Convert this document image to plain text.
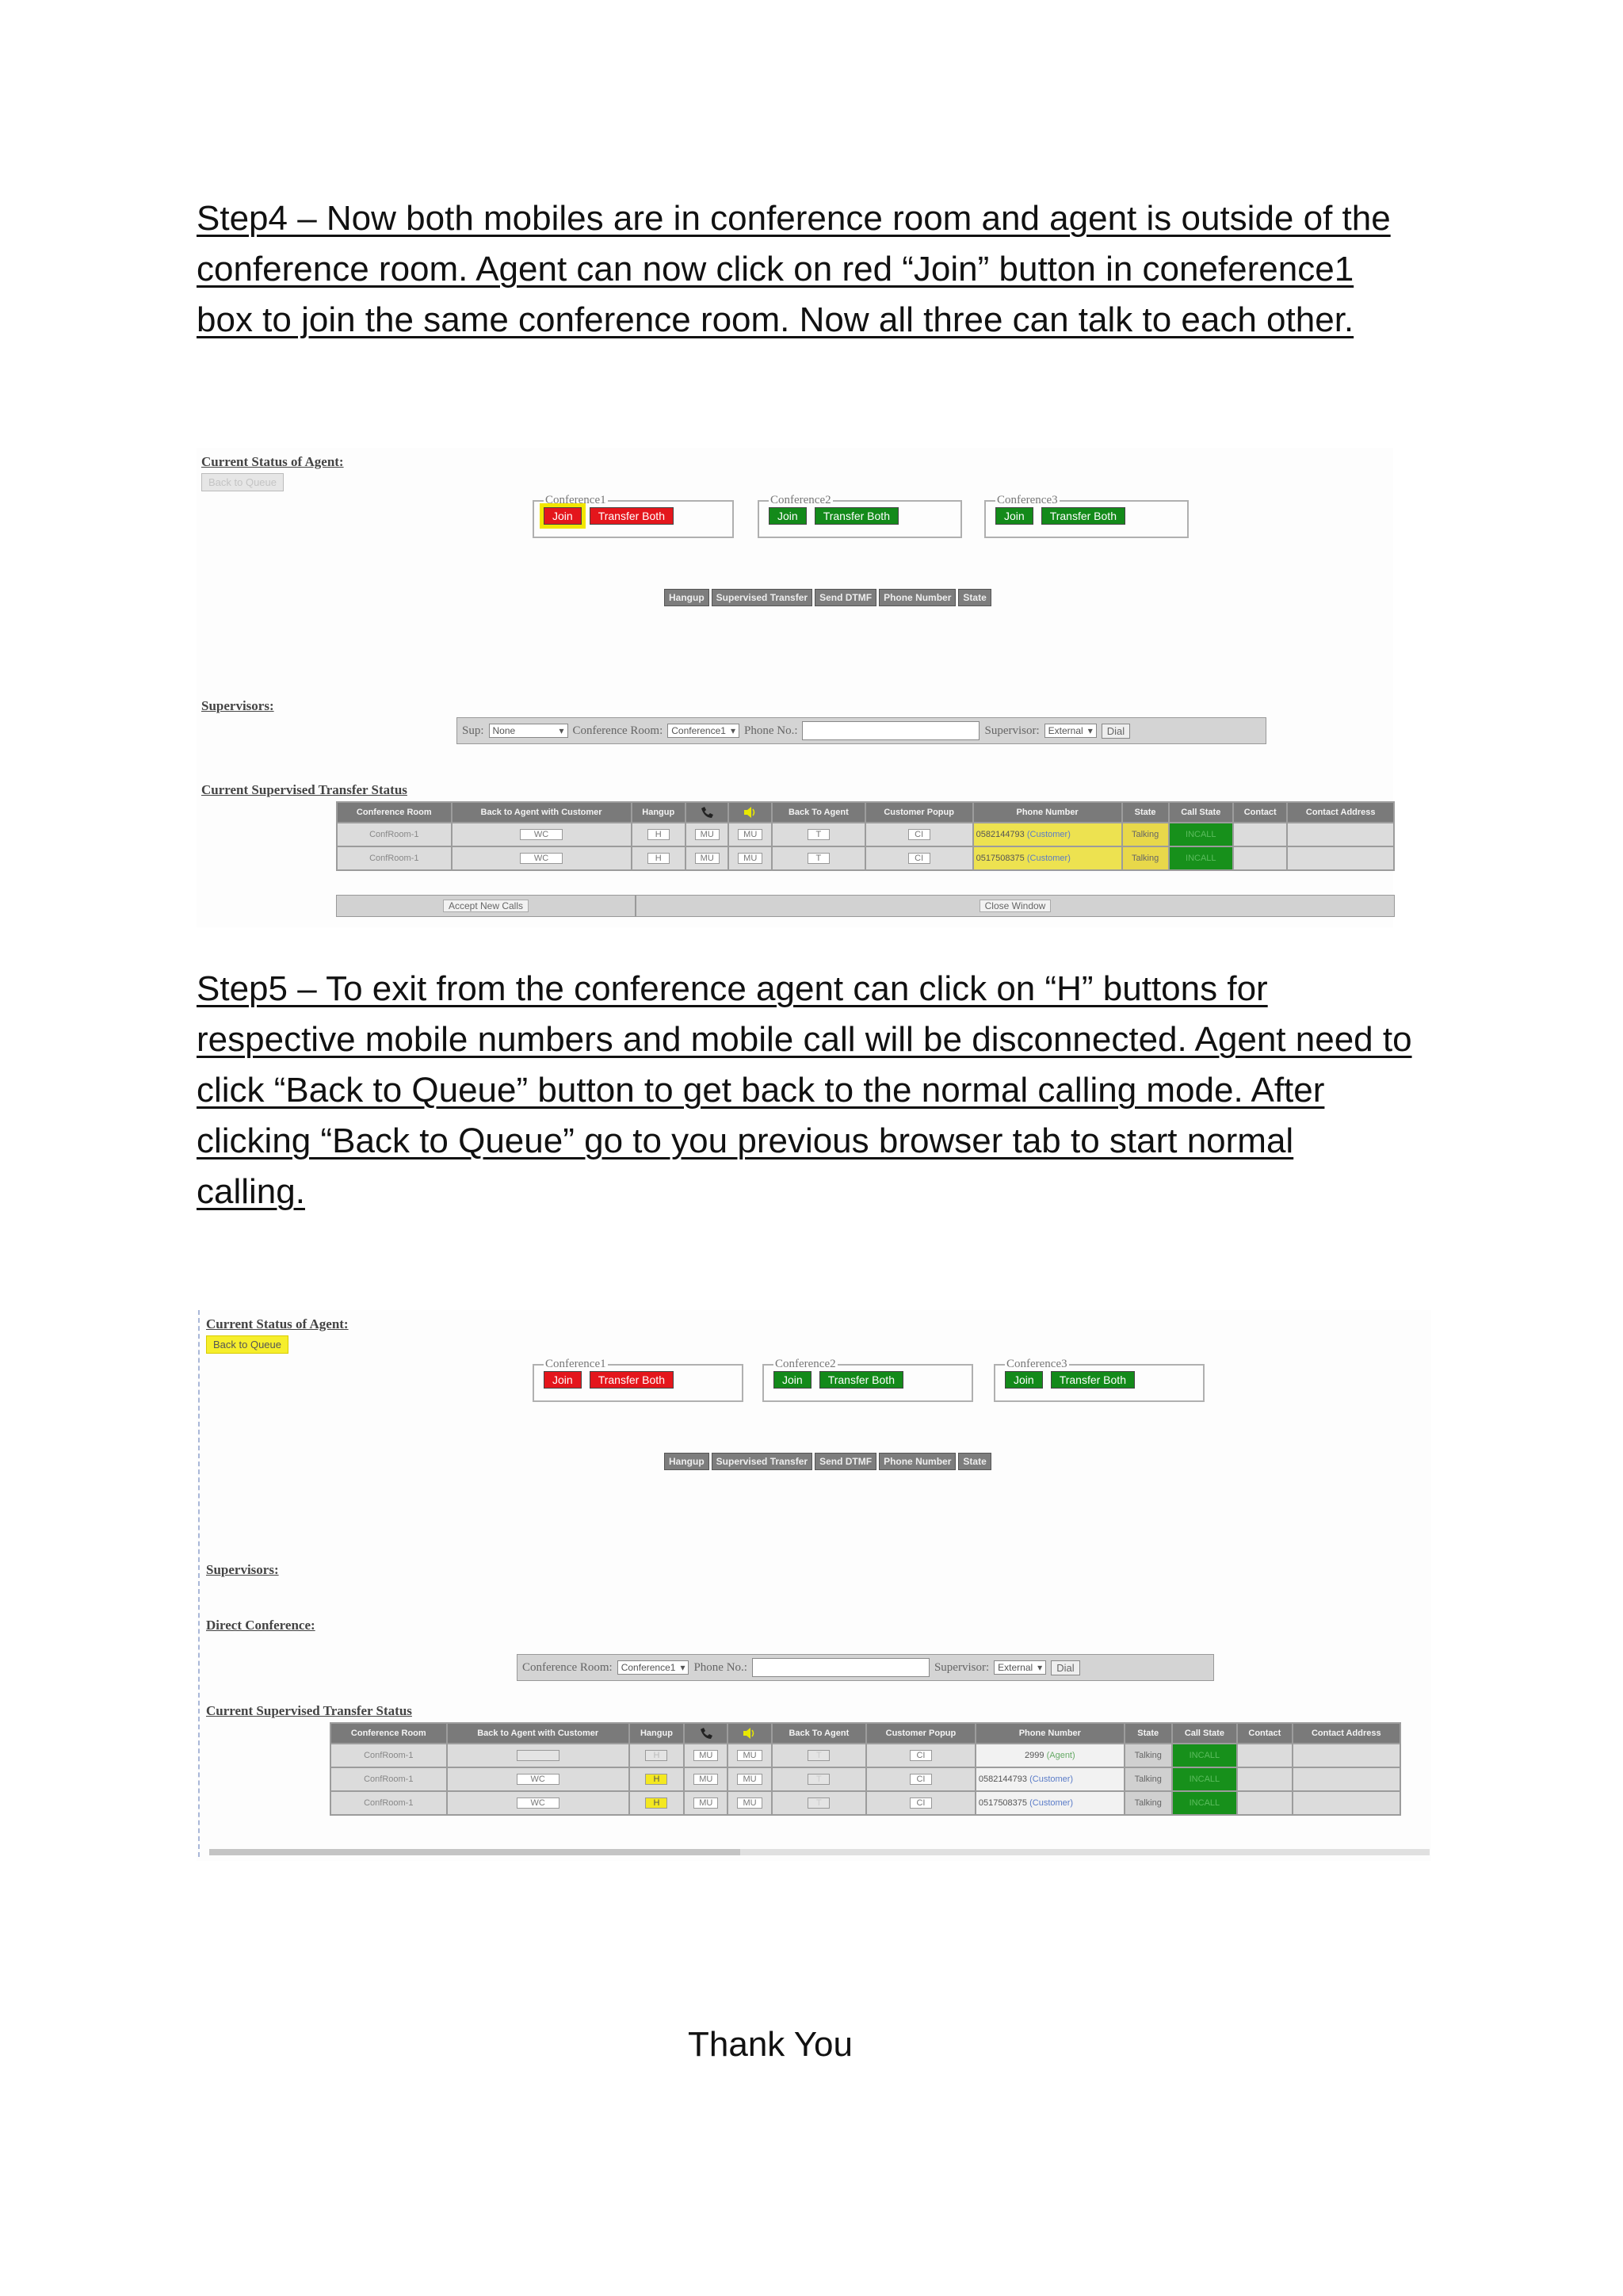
Step4 – Now both mobiles are in conference room and agent is outside of the
conference room. Agent can now click on red “Join” button in coneference1
box to join the same conference room. Now all three can talk to each other.
Current Status of Agent:
Back to Queue
Conference1
Join Transfer Both
Conference2
Join Transfer Both
Conference3
Join Transfer Both
Hangup	Supervised Transfer	Send DTMF	Phone Number	State
Supervisors:
Sup: None	▾ Conference Room: Conference1 ▾ Phone No.:	Supervisor: External ▾	Dial
Current Supervised Transfer Status
Conference Room	Back to Agent with Customer	Hangup			Back To Agent	Customer Popup	Phone Number	State	Call State	Contact	Contact Address
ConfRoom-1	WC	H	MU	MU	T	CI	0582144793 (Customer)	Talking	INCALL		
ConfRoom-1	WC	H	MU	MU	T	CI	0517508375 (Customer)	Talking	INCALL		
Accept New Calls	Close Window
Step5 – To exit from the conference agent can click on “H” buttons for
respective mobile numbers and mobile call will be disconnected. Agent need to
click “Back to Queue” button to get back to the normal calling mode. After
clicking “Back to Queue” go to you previous browser tab to start normal
calling.
Current Status of Agent:
Back to Queue
Conference1
Join Transfer Both
Conference2
Join Transfer Both
Conference3
Join Transfer Both
Hangup	Supervised Transfer	Send DTMF	Phone Number	State
Supervisors:
Direct Conference:
Conference Room: Conference1 ▾ Phone No.:	Supervisor: External ▾	Dial
Current Supervised Transfer Status
Conference Room	Back to Agent with Customer	Hangup			Back To Agent	Customer Popup	Phone Number	State	Call State	Contact	Contact Address
ConfRoom-1	WC	H	MU	MU	T	CI	2999 (Agent)	Talking	INCALL		
ConfRoom-1	WC	H	MU	MU	T	CI	0582144793 (Customer)	Talking	INCALL		
ConfRoom-1	WC	H	MU	MU	T	CI	0517508375 (Customer)	Talking	INCALL		
Thank You
